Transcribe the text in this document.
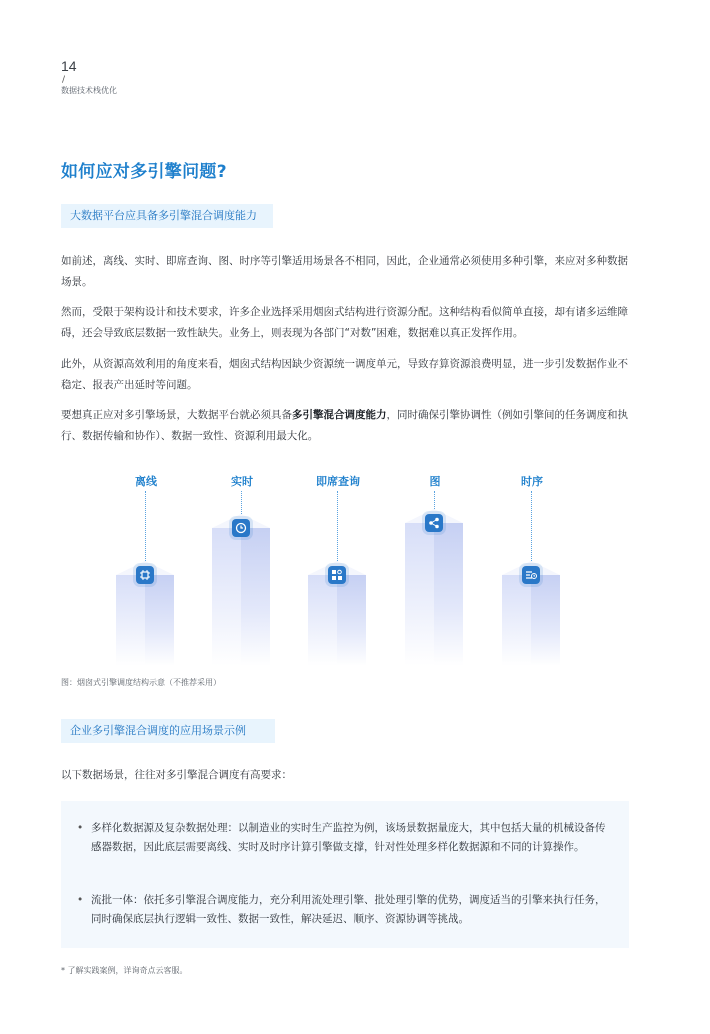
14
/
数据技术栈优化
如何应对多引擎问题?
大数据平台应具备多引擎混合调度能力

如前述，离线、实时、即席查询、图、时序等引擎适用场景各不相同，因此，企业通常必须使用多种引擎，来应对多种数据场景。

然而，受限于架构设计和技术要求，许多企业选择采用烟囱式结构进行资源分配。这种结构看似简单直接，却有诸多运维障碍，还会导致底层数据一致性缺失。业务上，则表现为各部门“对数”困难，数据难以真正发挥作用。

此外，从资源高效利用的角度来看，烟囱式结构因缺少资源统一调度单元，导致存算资源浪费明显，进一步引发数据作业不稳定、报表产出延时等问题。

要想真正应对多引擎场景，大数据平台就必须具备多引擎混合调度能力，同时确保引擎协调性（例如引擎间的任务调度和执行、数据传输和协作）、数据一致性、资源利用最大化。

离线	实时	即席查询	图	时序
图：烟囱式引擎调度结构示意（不推荐采用）
企业多引擎混合调度的应用场景示例
以下数据场景，往往对多引擎混合调度有高要求：
• 多样化数据源及复杂数据处理：以制造业的实时生产监控为例，该场景数据量庞大，其中包括大量的机械设备传感器数据，因此底层需要离线、实时及时序计算引擎做支撑，针对性处理多样化数据源和不同的计算操作。
• 流批一体：依托多引擎混合调度能力，充分利用流处理引擎、批处理引擎的优势，调度适当的引擎来执行任务，同时确保底层执行逻辑一致性、数据一致性，解决延迟、顺序、资源协调等挑战。
* 了解实践案例，详询奇点云客服。
